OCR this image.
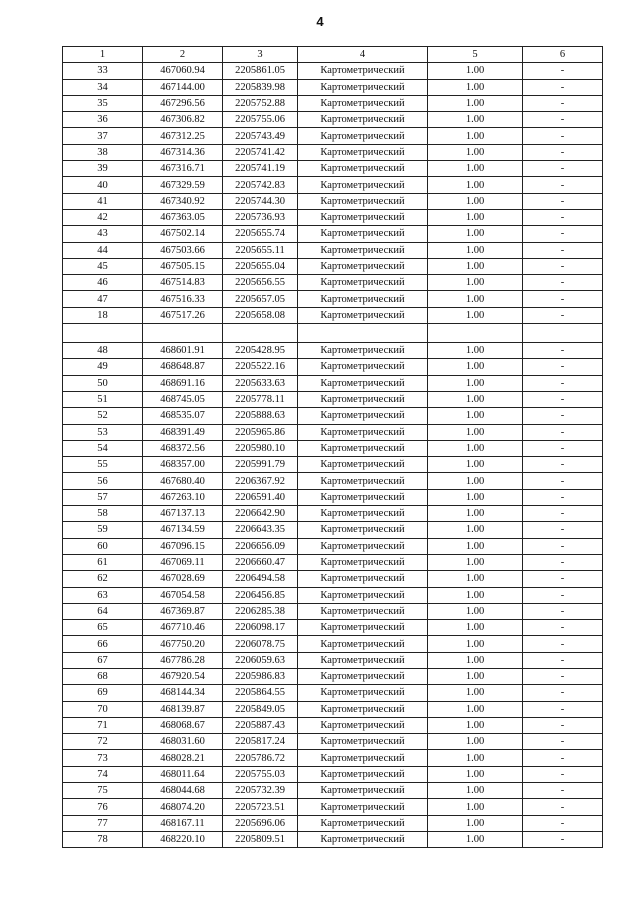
4
1	2	3	4	5	6
33	467060.94	2205861.05	Картометрический	1.00	-
34	467144.00	2205839.98	Картометрический	1.00	-
35	467296.56	2205752.88	Картометрический	1.00	-
36	467306.82	2205755.06	Картометрический	1.00	-
37	467312.25	2205743.49	Картометрический	1.00	-
38	467314.36	2205741.42	Картометрический	1.00	-
39	467316.71	2205741.19	Картометрический	1.00	-
40	467329.59	2205742.83	Картометрический	1.00	-
41	467340.92	2205744.30	Картометрический	1.00	-
42	467363.05	2205736.93	Картометрический	1.00	-
43	467502.14	2205655.74	Картометрический	1.00	-
44	467503.66	2205655.11	Картометрический	1.00	-
45	467505.15	2205655.04	Картометрический	1.00	-
46	467514.83	2205656.55	Картометрический	1.00	-
47	467516.33	2205657.05	Картометрический	1.00	-
18	467517.26	2205658.08	Картометрический	1.00	-

48	468601.91	2205428.95	Картометрический	1.00	-
49	468648.87	2205522.16	Картометрический	1.00	-
50	468691.16	2205633.63	Картометрический	1.00	-
51	468745.05	2205778.11	Картометрический	1.00	-
52	468535.07	2205888.63	Картометрический	1.00	-
53	468391.49	2205965.86	Картометрический	1.00	-
54	468372.56	2205980.10	Картометрический	1.00	-
55	468357.00	2205991.79	Картометрический	1.00	-
56	467680.40	2206367.92	Картометрический	1.00	-
57	467263.10	2206591.40	Картометрический	1.00	-
58	467137.13	2206642.90	Картометрический	1.00	-
59	467134.59	2206643.35	Картометрический	1.00	-
60	467096.15	2206656.09	Картометрический	1.00	-
61	467069.11	2206660.47	Картометрический	1.00	-
62	467028.69	2206494.58	Картометрический	1.00	-
63	467054.58	2206456.85	Картометрический	1.00	-
64	467369.87	2206285.38	Картометрический	1.00	-
65	467710.46	2206098.17	Картометрический	1.00	-
66	467750.20	2206078.75	Картометрический	1.00	-
67	467786.28	2206059.63	Картометрический	1.00	-
68	467920.54	2205986.83	Картометрический	1.00	-
69	468144.34	2205864.55	Картометрический	1.00	-
70	468139.87	2205849.05	Картометрический	1.00	-
71	468068.67	2205887.43	Картометрический	1.00	-
72	468031.60	2205817.24	Картометрический	1.00	-
73	468028.21	2205786.72	Картометрический	1.00	-
74	468011.64	2205755.03	Картометрический	1.00	-
75	468044.68	2205732.39	Картометрический	1.00	-
76	468074.20	2205723.51	Картометрический	1.00	-
77	468167.11	2205696.06	Картометрический	1.00	-
78	468220.10	2205809.51	Картометрический	1.00	-
